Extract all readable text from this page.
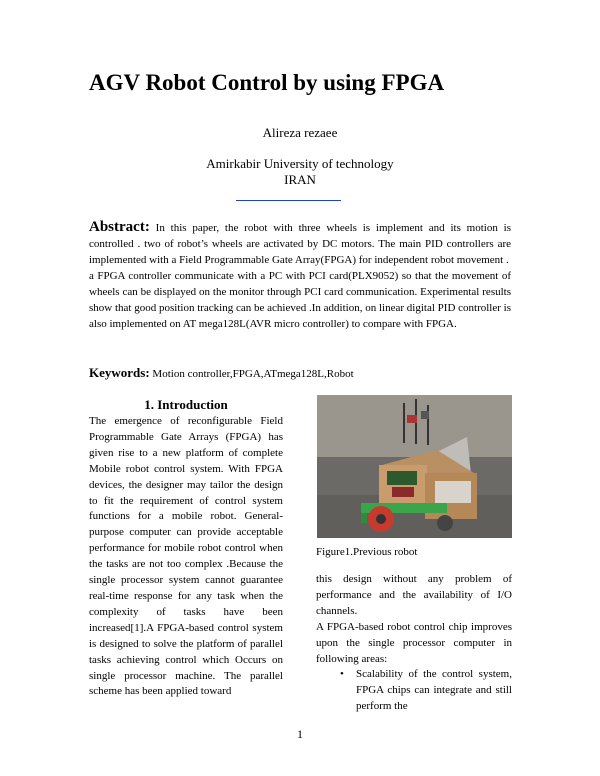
AGV Robot Control by using FPGA
Alireza rezaee
Amirkabir University of technology
IRAN

Abstract: In this paper, the robot with three wheels is implement and its motion is controlled . two of robot’s wheels are activated by DC motors. The main PID controllers are implemented with a Field Programmable Gate Array(FPGA) for independent robot movement .

a FPGA controller communicate with a PC with PCI card(PLX9052) so that the movement of wheels can be displayed on the monitor through PCI card communication. Experimental results show that good position tracking can be achieved .In addition, on linear digital PID controller is also implemented on AT mega128L(AVR micro controller) to compare with FPGA.

Keywords: Motion controller,FPGA,ATmega128L,Robot
1. Introduction

The emergence of reconfigurable Field Programmable Gate Arrays (FPGA) has given rise to a new platform of complete Mobile robot control system. With FPGA devices, the designer may tailor the design to fit the requirement of control system functions for a mobile robot. General-purpose computer can provide acceptable performance for mobile robot control when the tasks are not too complex .Because the single processor system cannot guarantee real-time response for any task when the complexity of tasks have been increased[1].A FPGA-based control system is designed to solve the platform of parallel tasks achieving control which Occurs on single processor machine. The parallel scheme has been applied toward

Figure1.Previous robot

this design without any problem of performance and the availability of I/O channels.

A FPGA-based robot control chip improves upon the single processor computer in following areas:

• Scalability of the control system, FPGA chips can integrate and still perform the
1
